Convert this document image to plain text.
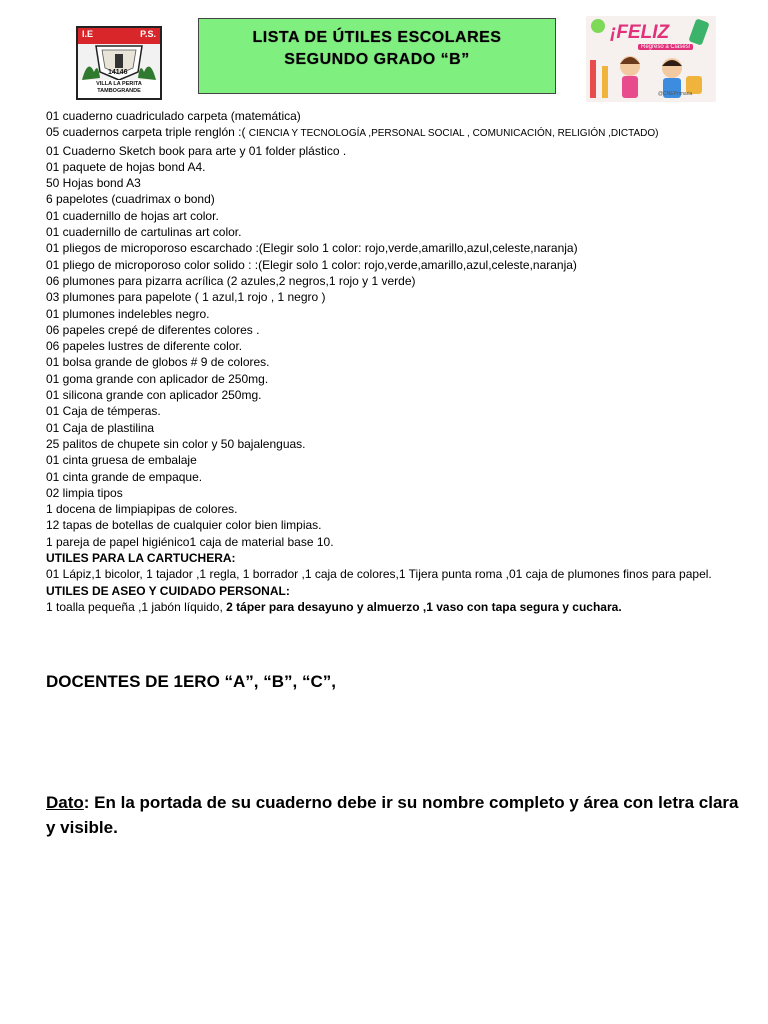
I.E	P.S.
14146
VILLA LA PERITA
TAMBOGRANDE
LISTA DE ÚTILES ESCOLARES
SEGUNDO GRADO “B”
¡FELIZ
Regreso a Clases!
@CNEPrimaria
01 cuaderno cuadriculado carpeta (matemática)
05 cuadernos carpeta triple renglón :( CIENCIA Y TECNOLOGÍA ,PERSONAL SOCIAL , COMUNICACIÓN, RELIGIÓN ,DICTADO)
01 Cuaderno Sketch book para arte y 01 folder plástico .
01 paquete de hojas bond A4.
50 Hojas bond A3
6 papelotes (cuadrimax o bond)
01 cuadernillo de hojas art color.
01 cuadernillo de cartulinas art color.
01 pliegos de microporoso escarchado :(Elegir solo 1 color: rojo,verde,amarillo,azul,celeste,naranja)
01 pliego de microporoso color solido : :(Elegir solo 1 color: rojo,verde,amarillo,azul,celeste,naranja)
06 plumones para pizarra acrílica (2 azules,2 negros,1 rojo y 1 verde)
03 plumones para papelote ( 1 azul,1 rojo , 1 negro )
01 plumones indelebles negro.
06 papeles crepé de diferentes colores .
06 papeles lustres de diferente color.
01 bolsa grande de globos # 9 de colores.
01 goma grande con aplicador de 250mg.
01 silicona grande con aplicador 250mg.
01 Caja de témperas.
01 Caja de plastilina
25 palitos de chupete sin color y 50 bajalenguas.
01 cinta gruesa de embalaje
01 cinta grande de empaque.
02 limpia tipos
1 docena de limpiapipas de colores.
12 tapas de botellas de cualquier color bien limpias.
1 pareja de papel higiénico1 caja de material base 10.
UTILES PARA LA CARTUCHERA:
01 Lápiz,1 bicolor, 1 tajador ,1 regla, 1 borrador ,1 caja de colores,1 Tijera punta roma ,01 caja de plumones finos para papel.
UTILES DE ASEO Y CUIDADO PERSONAL:
1 toalla pequeña ,1 jabón líquido, 2 táper para desayuno y almuerzo ,1 vaso con tapa segura y cuchara.
DOCENTES DE 1ERO “A”, “B”, “C”,
Dato: En la portada de su cuaderno debe ir su nombre completo y área con letra clara y visible.
